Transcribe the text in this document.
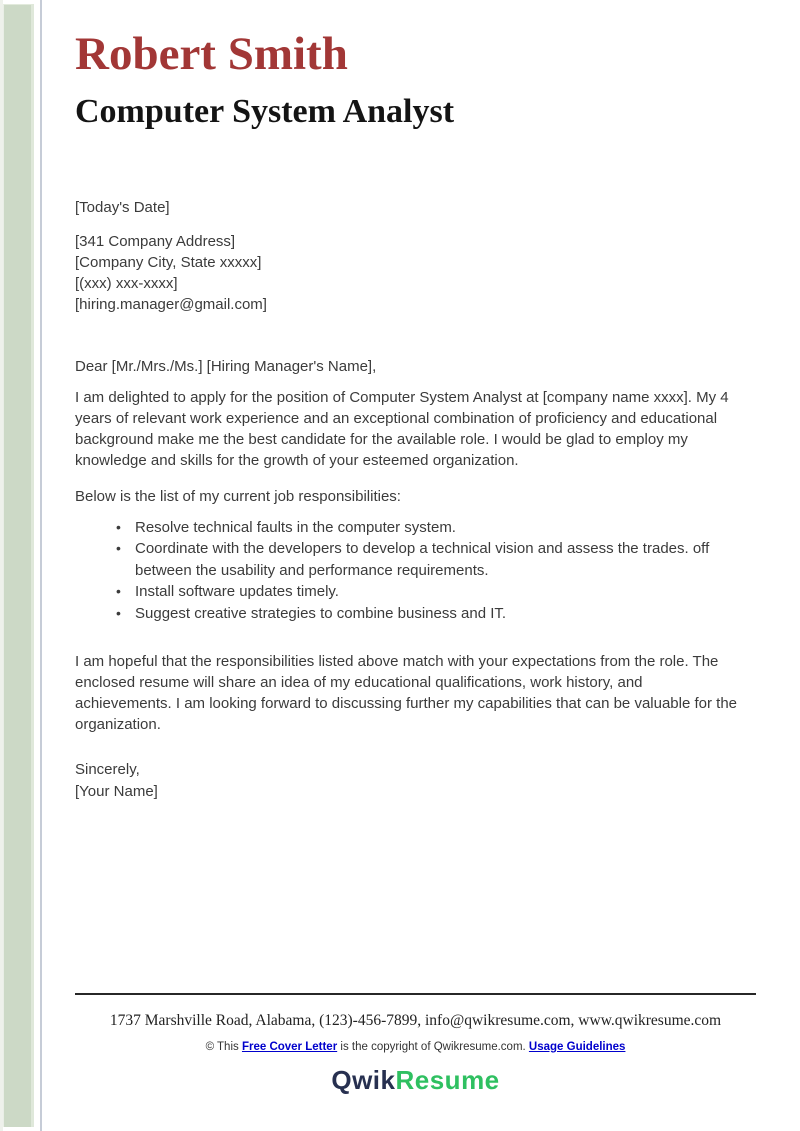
Robert Smith
Computer System Analyst

[Today's Date]

[341 Company Address]
[Company City, State xxxxx]
[(xxx) xxx-xxxx]
[hiring.manager@gmail.com]

Dear [Mr./Mrs./Ms.] [Hiring Manager's Name],

I am delighted to apply for the position of Computer System Analyst at [company name xxxx]. My 4 years of relevant work experience and an exceptional combination of proficiency and educational background make me the best candidate for the available role. I would be glad to employ my knowledge and skills for the growth of your esteemed organization.

Below is the list of my current job responsibilities:

• Resolve technical faults in the computer system.
• Coordinate with the developers to develop a technical vision and assess the trades. off between the usability and performance requirements.
• Install software updates timely.
• Suggest creative strategies to combine business and IT.

I am hopeful that the responsibilities listed above match with your expectations from the role. The enclosed resume will share an idea of my educational qualifications, work history, and achievements. I am looking forward to discussing further my capabilities that can be valuable for the organization.

Sincerely,
[Your Name]
1737 Marshville Road, Alabama, (123)-456-7899, info@qwikresume.com, www.qwikresume.com
© This Free Cover Letter is the copyright of Qwikresume.com. Usage Guidelines
QwikResume
